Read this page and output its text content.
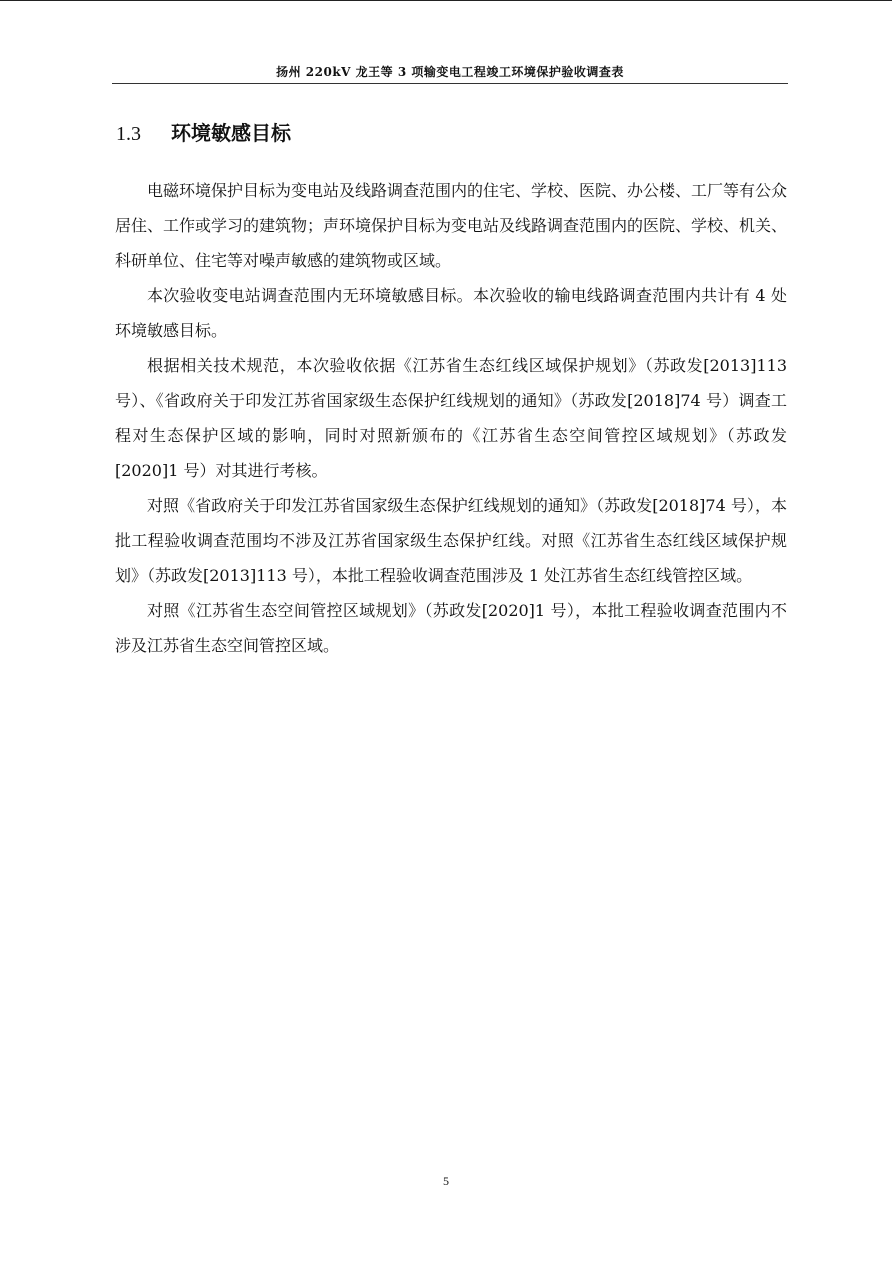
扬州 220kV 龙王等 3 项输变电工程竣工环境保护验收调查表
1.3 环境敏感目标

电磁环境保护目标为变电站及线路调查范围内的住宅、学校、医院、办公楼、工厂等有公众居住、工作或学习的建筑物；声环境保护目标为变电站及线路调查范围内的医院、学校、机关、科研单位、住宅等对噪声敏感的建筑物或区域。

本次验收变电站调查范围内无环境敏感目标。本次验收的输电线路调查范围内共计有 4 处环境敏感目标。

根据相关技术规范，本次验收依据《江苏省生态红线区域保护规划》（苏政发[2013]113 号）、《省政府关于印发江苏省国家级生态保护红线规划的通知》（苏政发[2018]74 号）调查工程对生态保护区域的影响，同时对照新颁布的《江苏省生态空间管控区域规划》（苏政发[2020]1 号）对其进行考核。

对照《省政府关于印发江苏省国家级生态保护红线规划的通知》（苏政发[2018]74 号），本批工程验收调查范围均不涉及江苏省国家级生态保护红线。对照《江苏省生态红线区域保护规划》（苏政发[2013]113 号），本批工程验收调查范围涉及 1 处江苏省生态红线管控区域。

对照《江苏省生态空间管控区域规划》（苏政发[2020]1 号），本批工程验收调查范围内不涉及江苏省生态空间管控区域。

5
